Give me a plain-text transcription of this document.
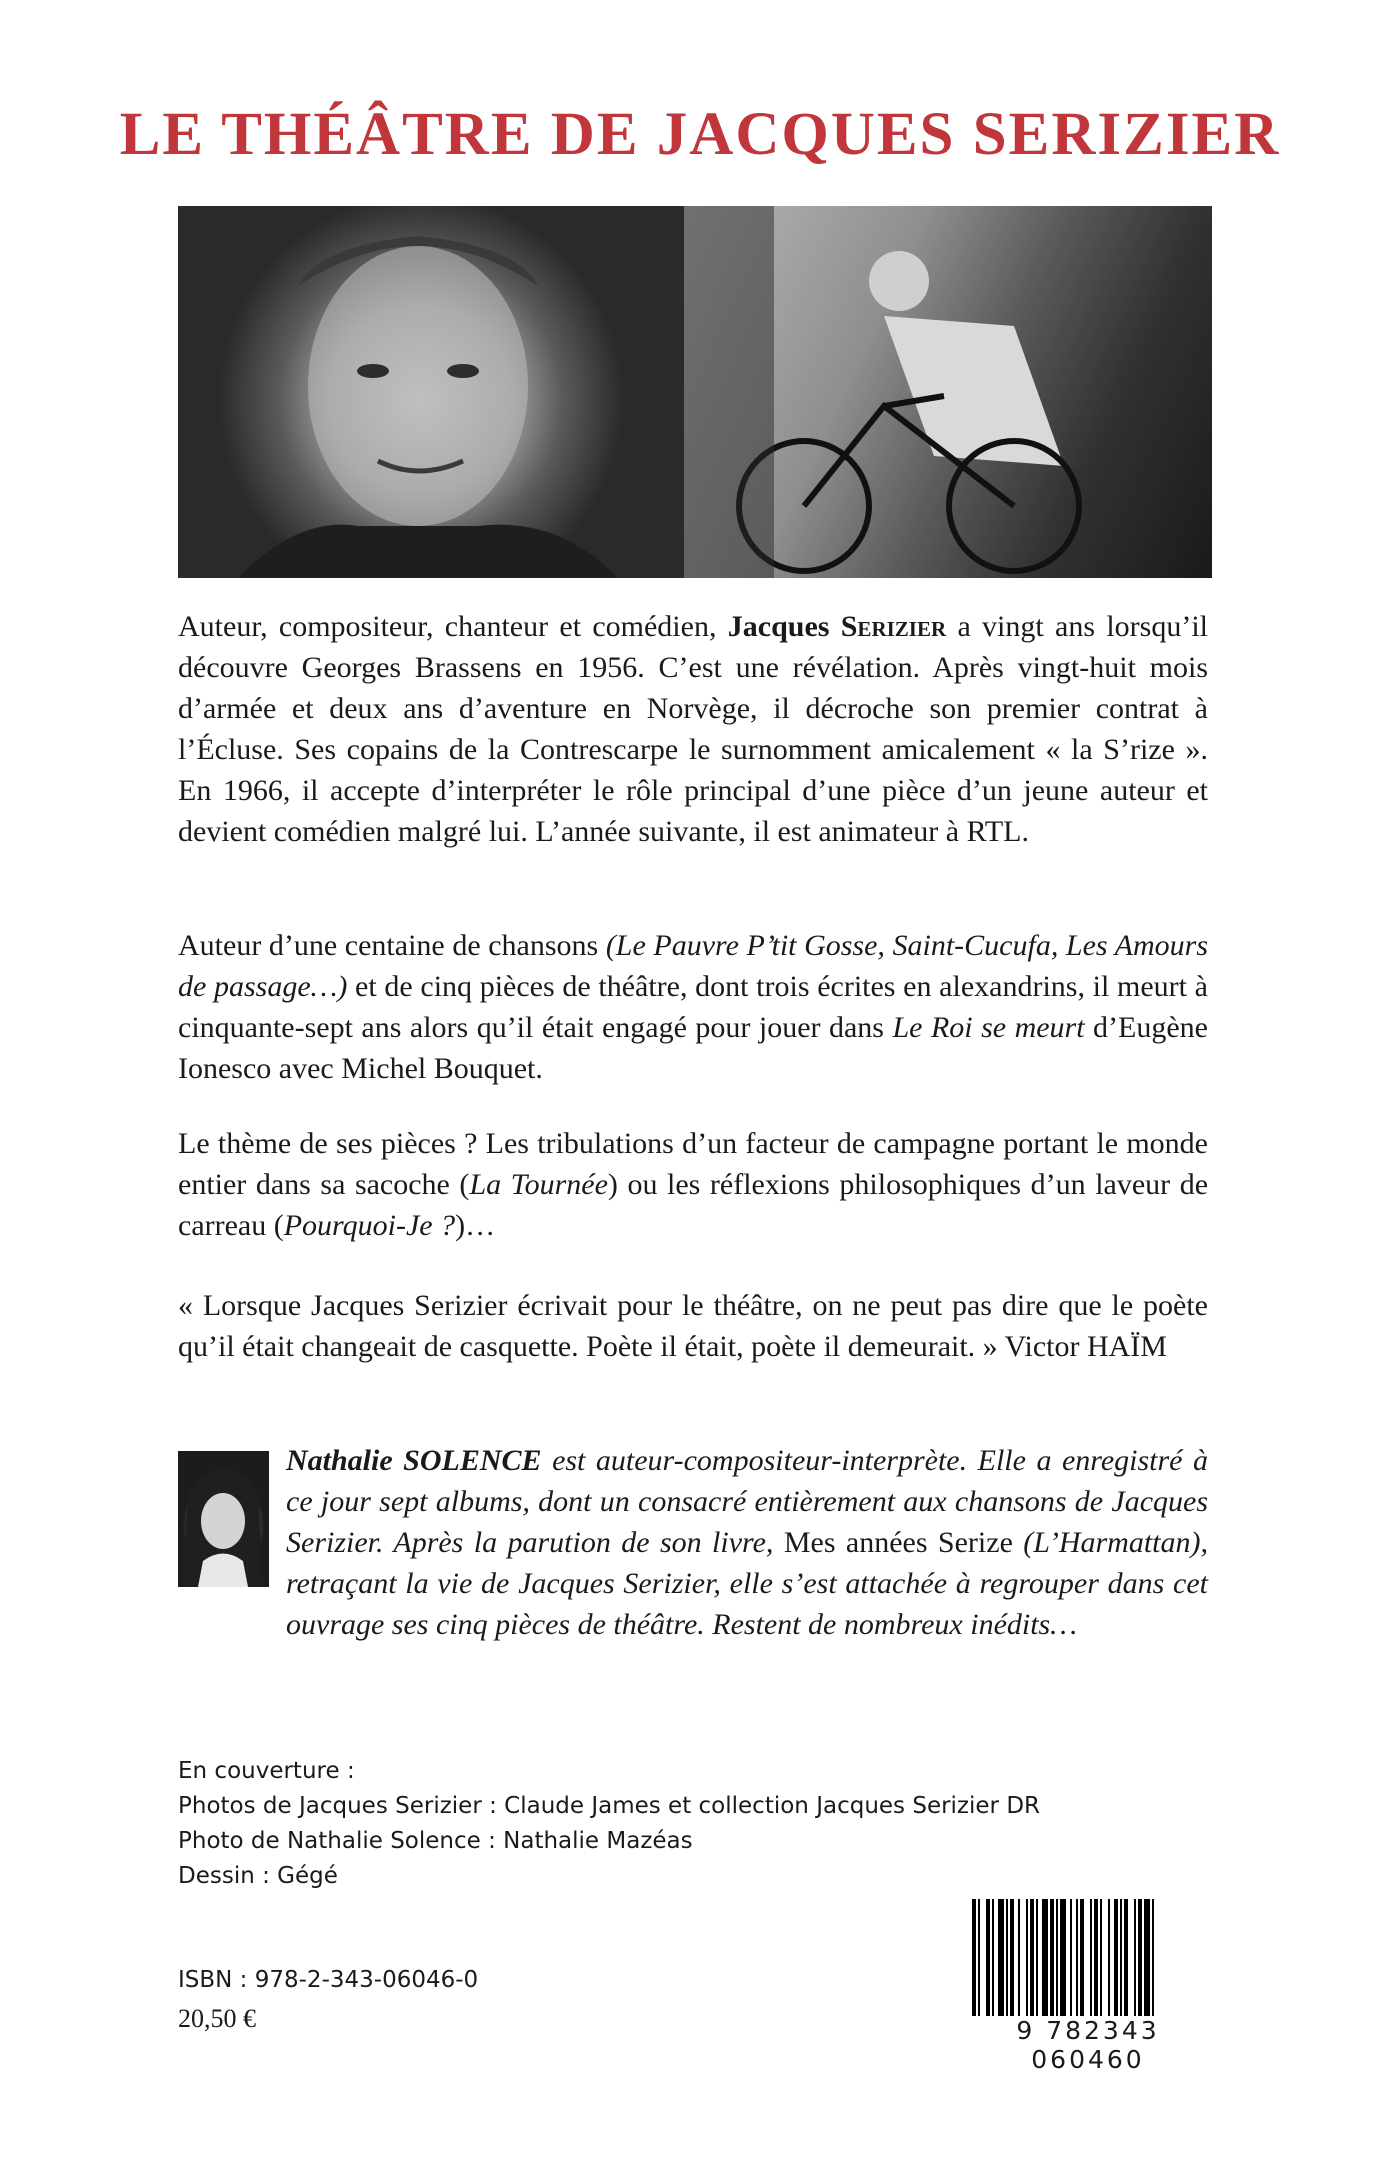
LE THÉÂTRE DE JACQUES SERIZIER

Auteur, compositeur, chanteur et comédien, Jacques Serizier a vingt ans lorsqu’il découvre Georges Brassens en 1956. C’est une révélation. Après vingt-huit mois d’armée et deux ans d’aventure en Norvège, il décroche son premier contrat à l’Écluse. Ses copains de la Contrescarpe le surnomment amicalement « la S’rize ». En 1966, il accepte d’interpréter le rôle principal d’une pièce d’un jeune auteur et devient comédien malgré lui. L’année suivante, il est animateur à RTL.

Auteur d’une centaine de chansons (Le Pauvre P’tit Gosse, Saint-Cucufa, Les Amours de passage…) et de cinq pièces de théâtre, dont trois écrites en alexandrins, il meurt à cinquante-sept ans alors qu’il était engagé pour jouer dans Le Roi se meurt d’Eugène Ionesco avec Michel Bouquet.

Le thème de ses pièces ? Les tribulations d’un facteur de campagne portant le monde entier dans sa sacoche (La Tournée) ou les réflexions philosophiques d’un laveur de carreau (Pourquoi-Je ?)…

« Lorsque Jacques Serizier écrivait pour le théâtre, on ne peut pas dire que le poète qu’il était changeait de casquette. Poète il était, poète il demeurait. » Victor HAÏM

Nathalie SOLENCE est auteur-compositeur-interprète. Elle a enregistré à ce jour sept albums, dont un consacré entièrement aux chansons de Jacques Serizier. Après la parution de son livre, Mes années Serize (L’Harmattan), retraçant la vie de Jacques Serizier, elle s’est attachée à regrouper dans cet ouvrage ses cinq pièces de théâtre. Restent de nombreux inédits…

En couverture :
Photos de Jacques Serizier : Claude James et collection Jacques Serizier DR
Photo de Nathalie Solence : Nathalie Mazéas
Dessin : Gégé
ISBN : 978-2-343-06046-0
20,50 €	9 782343 060460
